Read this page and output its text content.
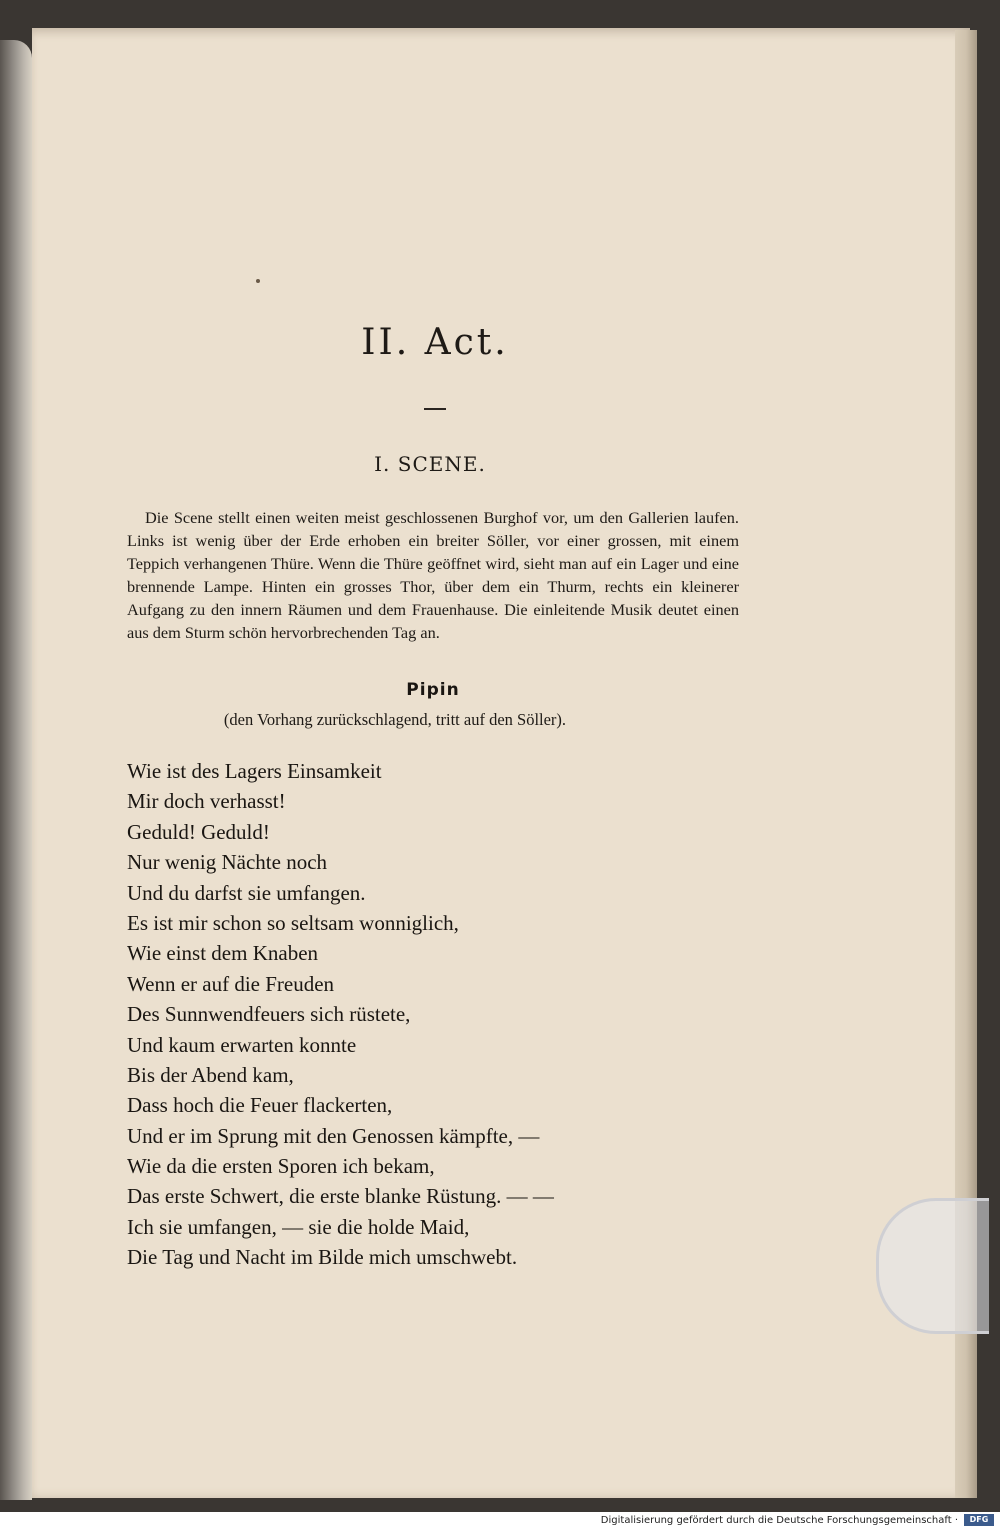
II. Act.
I. SCENE.
Die Scene stellt einen weiten meist geschlossenen Burghof vor, um den Gallerien laufen. Links ist wenig über der Erde erhoben ein breiter Söller, vor einer grossen, mit einem Teppich verhangenen Thüre. Wenn die Thüre geöffnet wird, sieht man auf ein Lager und eine brennende Lampe. Hinten ein grosses Thor, über dem ein Thurm, rechts ein kleinerer Aufgang zu den innern Räumen und dem Frauenhause. Die einleitende Musik deutet einen aus dem Sturm schön hervorbrechenden Tag an.
Pipin
(den Vorhang zurückschlagend, tritt auf den Söller).
Wie ist des Lagers Einsamkeit
Mir doch verhasst!
Geduld! Geduld!
Nur wenig Nächte noch
Und du darfst sie umfangen.
Es ist mir schon so seltsam wonniglich,
Wie einst dem Knaben
Wenn er auf die Freuden
Des Sunnwendfeuers sich rüstete,
Und kaum erwarten konnte
Bis der Abend kam,
Dass hoch die Feuer flackerten,
Und er im Sprung mit den Genossen kämpfte, —
Wie da die ersten Sporen ich bekam,
Das erste Schwert, die erste blanke Rüstung. — —
Ich sie umfangen, — sie die holde Maid,
Die Tag und Nacht im Bilde mich umschwebt.
Digitalisierung gefördert durch die Deutsche Forschungsgemeinschaft ·	DFG
